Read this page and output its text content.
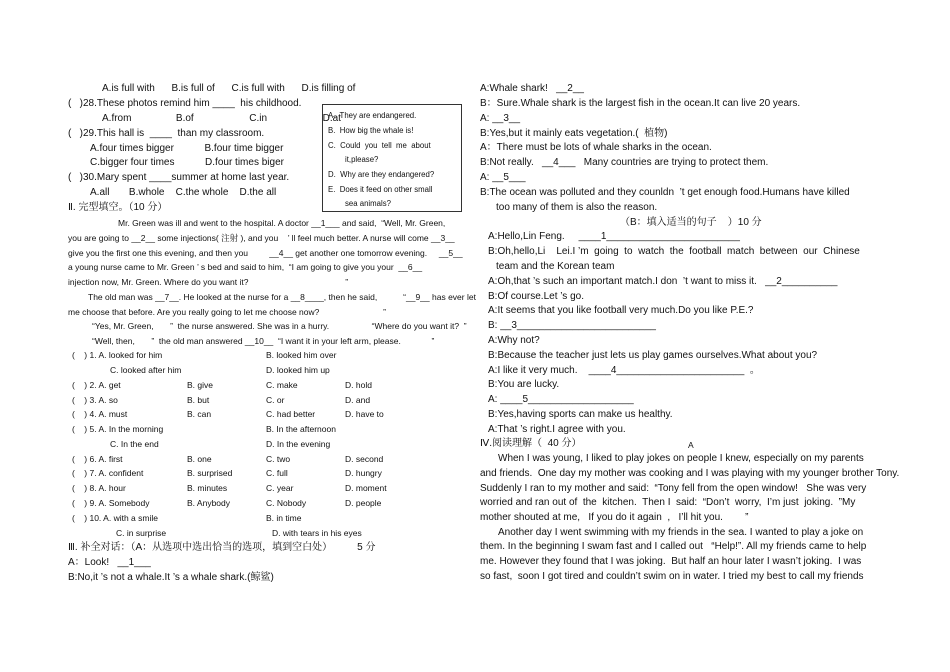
A.is full with      B.is full of      C.is full with      D.is filling of
(   )28.These photos remind him ____  his childhood.
A.from                B.of                    C.in                    D.at
(   )29.This hall is  ____  than my classroom.
A.four times bigger           B.four time bigger
C.bigger four times           D.four times biger
(   )30.Mary spent ____summer at home last year.
A.all       B.whole    C.the whole    D.the all
Ⅱ. 完型填空。（10 分）
A.  They are endangered.
B.  How big the whale is!
C.  Could  you  tell  me  about
it,please?
D.  Why are they endangered?
E.  Does it feed on other small
sea animals?
Mr. Green was ill and went to the hospital. A doctor __1___ and said,  “Well, Mr. Green,
you are going to __2__ some injections( 注射 ), and you    ’ ll feel much better. A nurse will come __3__
give you the first one this evening, and then you         __4__ get another one tomorrow evening.     __5__
a young nurse came to Mr. Green ’ s bed and said to him,  “I am going to give you your  __6__
injection now, Mr. Green. Where do you want it?                                         ”
The old man was __7__. He looked at the nurse for a __8____, then he said,           “__9__ has ever let
me choose that before. Are you really going to let me choose now?                           ”
“Yes, Mr. Green,       ”  the nurse answered. She was in a hurry.                  “Where do you want it?  ”
“Well, then,       ”  the old man answered __10__  “I want it in your left arm, please.             ”
(    ) 1. A. looked for him	B. looked him over
C. looked after him	D. looked him up
(    ) 2. A. get	B. give	C. make	D. hold
(    ) 3. A. so	B. but	C. or	D. and
(    ) 4. A. must	B. can	C. had better	D. have to
(    ) 5. A. In the morning	B. In the afternoon
C. In the end	D. In the evening
(    ) 6. A. first	B. one	C. two	D. second
(    ) 7. A. confident	B. surprised	C. full	D. hungry
(    ) 8. A. hour	B. minutes	C. year	D. moment
(    ) 9. A. Somebody	B. Anybody	C. Nobody	D. people
(    ) 10. A. with a smile	B. in time
C. in surprise	D. with tears in his eyes
Ⅲ. 补全对话：（A：从选项中选出恰当的选项，填到空白处）         5 分
A：Look!   __1___
B:No,it ’s not a whale.It ’s a whale shark.(鲸鲨)
A:Whale shark!   __2__
B：Sure.Whale shark is the largest fish in the ocean.It can live 20 years.
A: __3__
B:Yes,but it mainly eats vegetation.(  植物)
A：There must be lots of whale sharks in the ocean.
B:Not really.   __4___   Many countries are trying to protect them.
A: __5___
B:The ocean was polluted and they counldn  ’t get enough food.Humans have killed
too many of them is also the reason.
（B：填入适当的句子    ）10 分
A:Hello,Lin Feng.     ____1________________________
B:Oh,hello,Li    Lei.I ’m  going  to  watch  the  football  match  between  our  Chinese
team and the Korean team
A:Oh,that ’s such an important match.I don  ’t want to miss it.   __2__________
B:Of course.Let ’s go.
A:It seems that you like football very much.Do you like P.E.?
B: __3_________________________
A:Why not?
B:Because the teacher just lets us play games ourselves.What about you?
A:I like it very much.    ____4_______________________  。
B:You are lucky.
A: ____5___________________
B:Yes,having sports can make us healthy.
A:That ’s right.I agree with you.
Ⅳ.阅读理解（  40 分）	A
When I was young, I liked to play jokes on people I knew, especially on my parents
and friends.  One day my mother was cooking and I was playing with my younger brother Tony.
Suddenly I ran to my mother and said:  “Tony fell from the open window!   She was very
worried and ran out of  the  kitchen.  Then I  said:  “Don’t  worry,  I’m just  joking.  ”My
mother shouted at me,   If you do it again  ,   I’ll hit you.        ”
Another day I went swimming with my friends in the sea. I wanted to play a joke on
them. In the beginning I swam fast and I called out   “Help!”. All my friends came to help
me. However they found that I was joking.  But half an hour later I wasn’t joking.  I was
so fast,  soon I got tired and couldn’t swim on in water. I tried my best to call my friends
